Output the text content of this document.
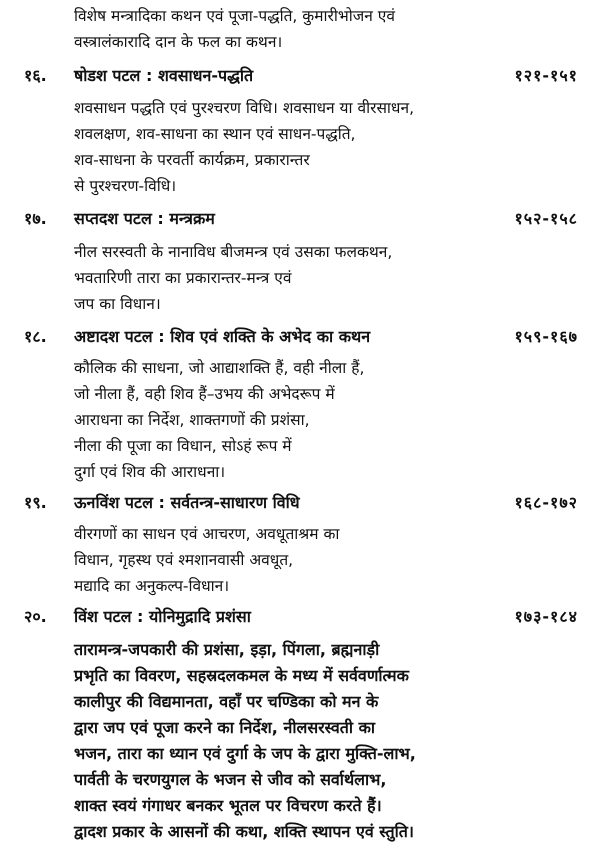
विशेष मन्त्रादिका कथन एवं पूजा-पद्धति, कुमारीभोजन एवं
वस्त्रालंकारादि दान के फल का कथन।
१६. षोडश पटल : शवसाधन-पद्धति	१२१-१५१
शवसाधन पद्धति एवं पुरश्चरण विधि। शवसाधन या वीरसाधन,
शवलक्षण, शव-साधना का स्थान एवं साधन-पद्धति,
शव-साधना के परवर्ती कार्यक्रम, प्रकारान्तर
से पुरश्चरण-विधि।
१७. सप्तदश पटल : मन्त्रक्रम	१५२-१५८
नील सरस्वती के नानाविध बीजमन्त्र एवं उसका फलकथन,
भवतारिणी तारा का प्रकारान्तर-मन्त्र एवं
जप का विधान।
१८. अष्टादश पटल : शिव एवं शक्ति के अभेद का कथन	१५९-१६७
कौलिक की साधना, जो आद्याशक्ति हैं, वही नीला हैं,
जो नीला हैं, वही शिव हैं–उभय की अभेदरूप में
आराधना का निर्देश, शाक्तगणों की प्रशंसा,
नीला की पूजा का विधान, सोऽहं रूप में
दुर्गा एवं शिव की आराधना।
१९. ऊनविंश पटल : सर्वतन्त्र-साधारण विधि	१६८-१७२
वीरगणों का साधन एवं आचरण, अवधूताश्रम का
विधान, गृहस्थ एवं श्मशानवासी अवधूत,
मद्यादि का अनुकल्प-विधान।
२०. विंश पटल : योनिमुद्रादि प्रशंसा	१७३-१८४
तारामन्त्र-जपकारी की प्रशंसा, इड़ा, पिंगला, ब्रह्मनाड़ी
प्रभृति का विवरण, सहस्रदलकमल के मध्य में सर्ववर्णात्मक
कालीपुर की विद्यमानता, वहाँ पर चण्डिका को मन के
द्वारा जप एवं पूजा करने का निर्देश, नीलसरस्वती का
भजन, तारा का ध्यान एवं दुर्गा के जप के द्वारा मुक्ति-लाभ,
पार्वती के चरणयुगल के भजन से जीव को सर्वार्थलाभ,
शाक्त स्वयं गंगाधर बनकर भूतल पर विचरण करते हैं।
द्वादश प्रकार के आसनों की कथा, शक्ति स्थापन एवं स्तुति।
